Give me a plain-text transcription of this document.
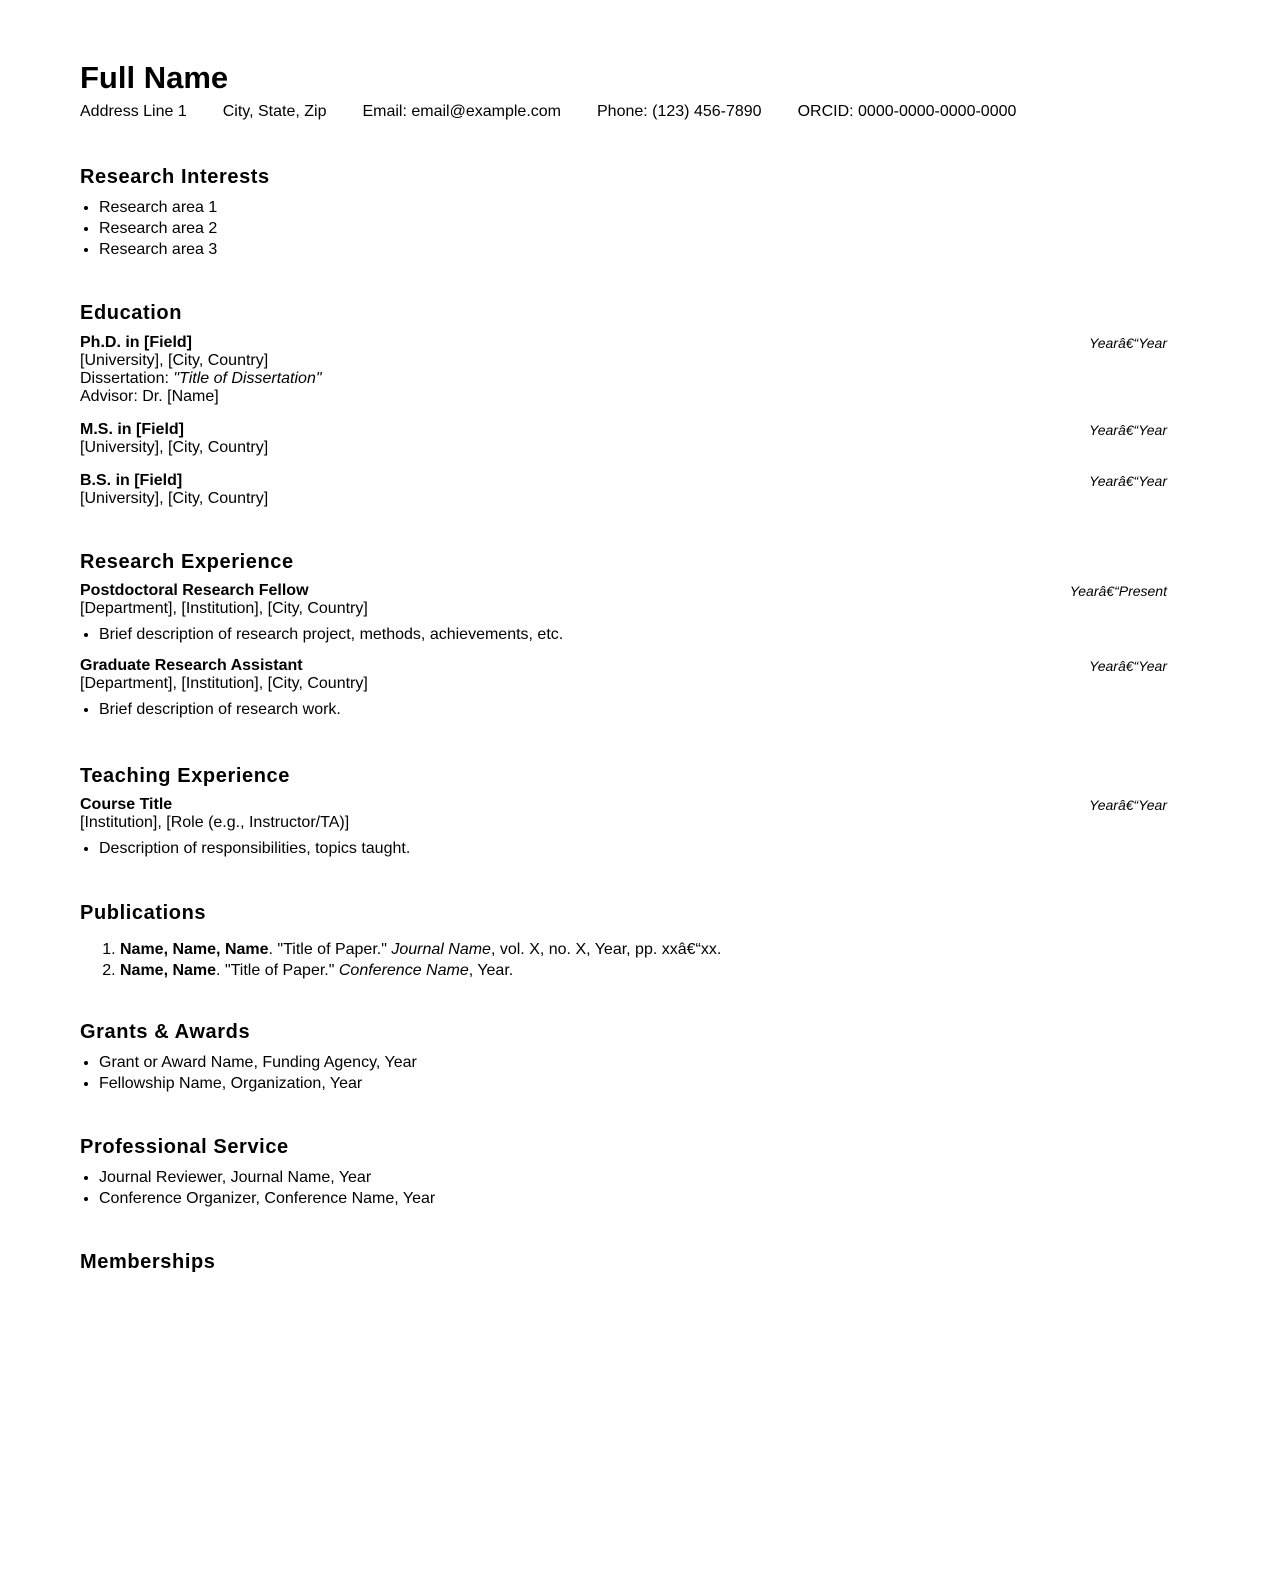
Full Name
Address Line 1 City, State, Zip Email: email@example.com Phone: (123) 456-7890 ORCID: 0000-0000-0000-0000
Research Interests
• Research area 1
• Research area 2
• Research area 3
Education
Ph.D. in [Field]	Yearâ€“Year
[University], [City, Country]
Dissertation: "Title of Dissertation"
Advisor: Dr. [Name]
M.S. in [Field]	Yearâ€“Year
[University], [City, Country]
B.S. in [Field]	Yearâ€“Year
[University], [City, Country]
Research Experience
Postdoctoral Research Fellow	Yearâ€“Present
[Department], [Institution], [City, Country]
• Brief description of research project, methods, achievements, etc.
Graduate Research Assistant	Yearâ€“Year
[Department], [Institution], [City, Country]
• Brief description of research work.
Teaching Experience
Course Title	Yearâ€“Year
[Institution], [Role (e.g., Instructor/TA)]
• Description of responsibilities, topics taught.
Publications
1. Name, Name, Name. "Title of Paper." Journal Name, vol. X, no. X, Year, pp. xxâ€“xx.
2. Name, Name. "Title of Paper." Conference Name, Year.
Grants & Awards
• Grant or Award Name, Funding Agency, Year
• Fellowship Name, Organization, Year
Professional Service
• Journal Reviewer, Journal Name, Year
• Conference Organizer, Conference Name, Year
Memberships
